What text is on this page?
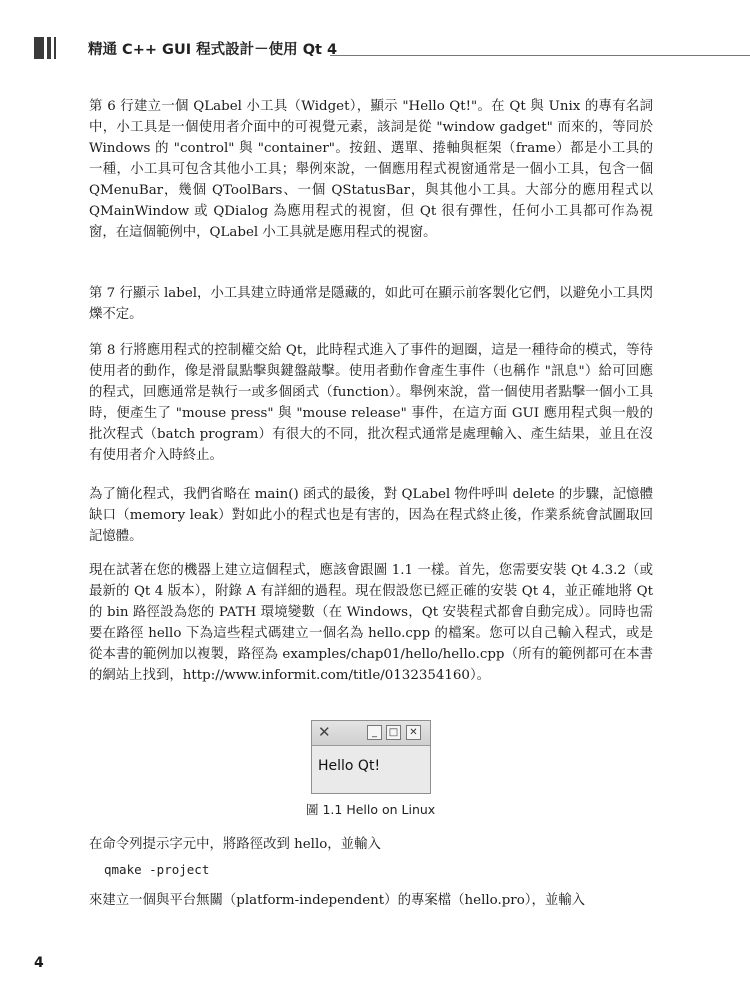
精通 C++ GUI 程式設計－使用 Qt 4

第 6 行建立一個 QLabel 小工具（Widget），顯示 "Hello Qt!"。在 Qt 與 Unix 的專有名詞中，小工具是一個使用者介面中的可視覺元素，該詞是從 "window gadget" 而來的，等同於 Windows 的 "control" 與 "container"。按鈕、選單、捲軸與框架（frame）都是小工具的一種，小工具可包含其他小工具；舉例來說，一個應用程式視窗通常是一個小工具，包含一個 QMenuBar，幾個 QToolBars、一個 QStatusBar，與其他小工具。大部分的應用程式以 QMainWindow 或 QDialog 為應用程式的視窗，但 Qt 很有彈性，任何小工具都可作為視窗，在這個範例中，QLabel 小工具就是應用程式的視窗。

第 7 行顯示 label，小工具建立時通常是隱藏的，如此可在顯示前客製化它們，以避免小工具閃爍不定。

第 8 行將應用程式的控制權交給 Qt，此時程式進入了事件的迴圈，這是一種待命的模式，等待使用者的動作，像是滑鼠點擊與鍵盤敲擊。使用者動作會產生事件（也稱作 "訊息"）給可回應的程式，回應通常是執行一或多個函式（function）。舉例來說，當一個使用者點擊一個小工具時，便產生了 "mouse press" 與 "mouse release" 事件，在這方面 GUI 應用程式與一般的批次程式（batch program）有很大的不同，批次程式通常是處理輸入、產生結果，並且在沒有使用者介入時終止。

為了簡化程式，我們省略在 main() 函式的最後，對 QLabel 物件呼叫 delete 的步驟，記憶體缺口（memory leak）對如此小的程式也是有害的，因為在程式終止後，作業系統會試圖取回記憶體。

現在試著在您的機器上建立這個程式，應該會跟圖 1.1 一樣。首先，您需要安裝 Qt 4.3.2（或最新的 Qt 4 版本），附錄 A 有詳細的過程。現在假設您已經正確的安裝 Qt 4，並正確地將 Qt 的 bin 路徑設為您的 PATH 環境變數（在 Windows，Qt 安裝程式都會自動完成）。同時也需要在路徑 hello 下為這些程式碼建立一個名為 hello.cpp 的檔案。您可以自己輸入程式，或是從本書的範例加以複製，路徑為 examples/chap01/hello/hello.cpp（所有的範例都可在本書的網站上找到，http://www.informit.com/title/0132354160）。

✕	_	□	✕
Hello Qt!
圖 1.1 Hello on Linux

在命令列提示字元中，將路徑改到 hello，並輸入

qmake -project

來建立一個與平台無關（platform-independent）的專案檔（hello.pro），並輸入

4
